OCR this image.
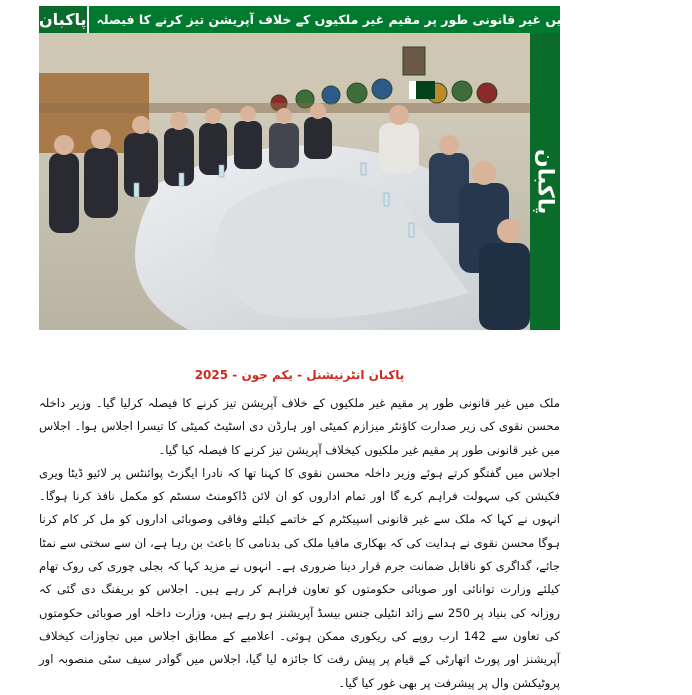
پاکبان وزیر داخلہ کا ملک میں غیر قانونی طور پر مقیم غیر ملکیوں کے خلاف آپریشن تیز کرنے کا فیصلہ
پاکبان
پاکبان انٹرنیشنل - یکم جون - 2025

ملک میں غیر قانونی طور پر مقیم غیر ملکیوں کے خلاف آپریشن تیز کرنے کا فیصلہ کرلیا گیا۔ وزیر داخلہ محسن نقوی کی زیر صدارت کاؤنٹر میزازم کمیٹی اور ہارڈن دی اسٹیٹ کمیٹی کا تیسرا اجلاس ہوا۔ اجلاس میں غیر قانونی طور پر مقیم غیر ملکیوں کیخلاف آپریشن تیز کرنے کا فیصلہ کیا گیا۔

اجلاس میں گفتگو کرتے ہوئے وزیر داخلہ محسن نقوی کا کہنا تھا کہ نادرا ایگزٹ پوائنٹس پر لائیو ڈیٹا ویری فکیشن کی سہولت فراہم کرے گا اور تمام اداروں کو ان لائن ڈاکومنٹ سسٹم کو مکمل نافذ کرنا ہوگا۔ انہوں نے کہا کہ ملک سے غیر قانونی اسپیکٹرم کے خاتمے کیلئے وفاقی وصوبائی اداروں کو مل کر کام کرنا ہوگا محسن نقوی نے ہدایت کی کہ بھکاری مافیا ملک کی بدنامی کا باعث بن رہا ہے، ان سے سختی سے نمٹا جائے، گداگری کو ناقابل ضمانت جرم قرار دینا ضروری ہے۔ انہوں نے مزید کہا کہ بجلی چوری کی روک تھام کیلئے وزارت توانائی اور صوبائی حکومتوں کو تعاون فراہم کر رہے ہیں۔ اجلاس کو بریفنگ دی گئی کہ روزانہ کی بنیاد پر 250 سے زائد انٹیلی جنس بیسڈ آپریشنز ہو رہے ہیں، وزارت داخلہ اور صوبائی حکومتوں کی تعاون سے 142 ارب روپے کی ریکوری ممکن ہوئی۔ اعلامیے کے مطابق اجلاس میں تجاوزات کیخلاف آپریشنز اور پورٹ اتھارٹی کے قیام پر پیش رفت کا جائزہ لیا گیا، اجلاس میں گوادر سیف سٹی منصوبہ اور پروٹیکشن وال پر پیشرفت پر بھی غور کیا گیا۔
